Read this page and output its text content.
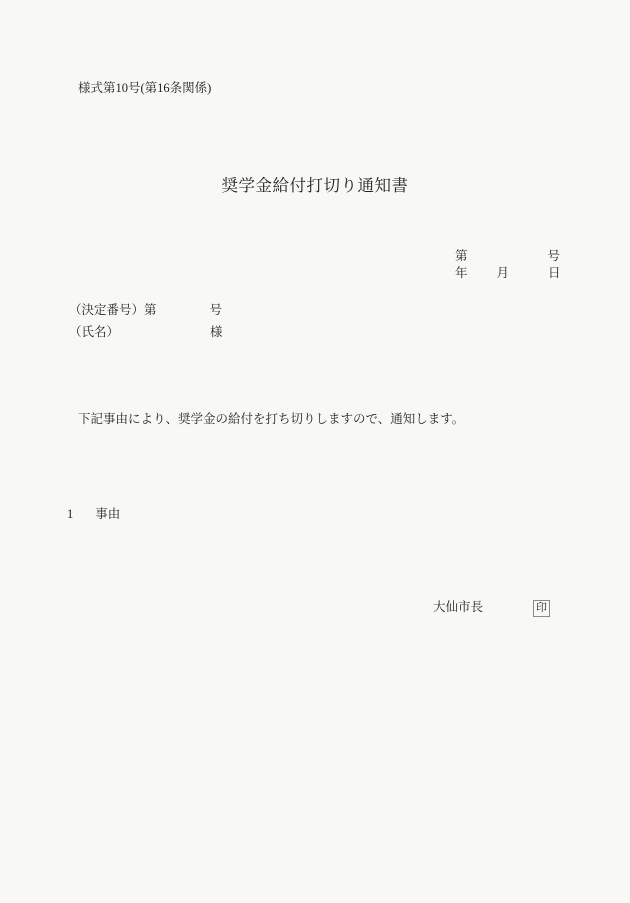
様式第10号(第16条関係)
奨学金給付打切り通知書
第	号
年 月	日
（決定番号）第	号
（氏名）	様
下記事由により、奨学金の給付を打ち切りしますので、通知します。
1 事由
大仙市長	印
